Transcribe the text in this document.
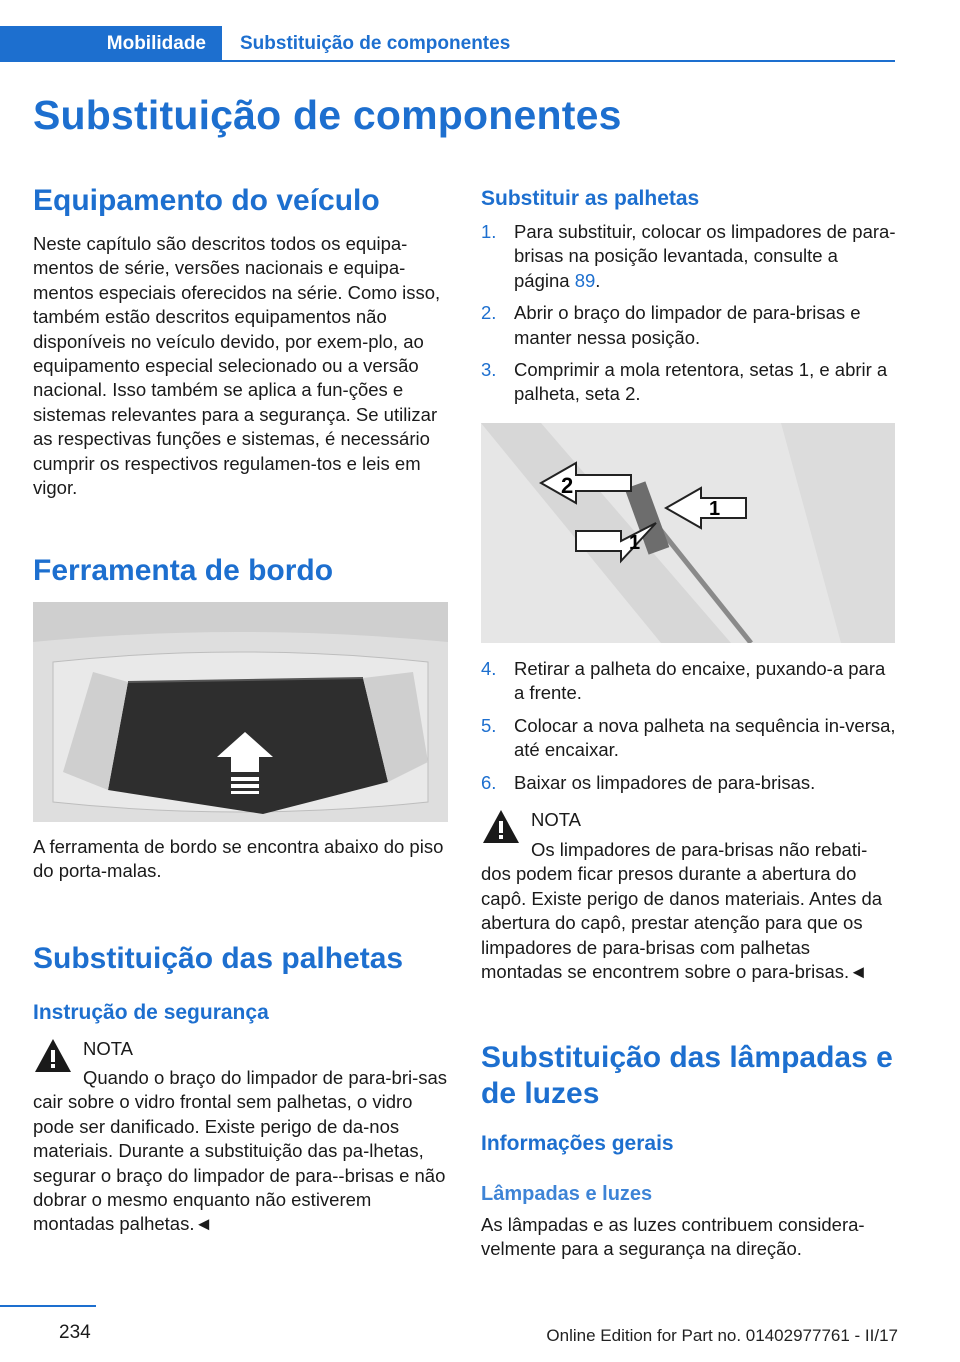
Mobilidade	Substituição de componentes
Substituição de componentes
Equipamento do veículo

Neste capítulo são descritos todos os equipa-mentos de série, versões nacionais e equipa-mentos especiais oferecidos na série. Como isso, também estão descritos equipamentos não disponíveis no veículo devido, por exem-plo, ao equipamento especial selecionado ou a versão nacional. Isso também se aplica a fun-ções e sistemas relevantes para a segurança. Se utilizar as respectivas funções e sistemas, é necessário cumprir os respectivos regulamen-tos e leis em vigor.

Ferramenta de bordo

A ferramenta de bordo se encontra abaixo do piso do porta-malas.

Substituição das palhetas
Instrução de segurança
NOTA

Quando o braço do limpador de para-bri-sas cair sobre o vidro frontal sem palhetas, o vidro pode ser danificado. Existe perigo de da-nos materiais. Durante a substituição das pa-lhetas, segurar o braço do limpador de para--brisas e não dobrar o mesmo enquanto não estiverem montadas palhetas.◄

Substituir as palhetas
1. Para substituir, colocar os limpadores de para-brisas na posição levantada, consulte a página 89.
2. Abrir o braço do limpador de para-brisas e manter nessa posição.
3. Comprimir a mola retentora, setas 1, e abrir a palheta, seta 2.
2
1
1
4. Retirar a palheta do encaixe, puxando-a para a frente.
5. Colocar a nova palheta na sequência in-versa, até encaixar.
6. Baixar os limpadores de para-brisas.
NOTA

Os limpadores de para-brisas não rebati-dos podem ficar presos durante a abertura do capô. Existe perigo de danos materiais. Antes da abertura do capô, prestar atenção para que os limpadores de para-brisas com palhetas montadas se encontrem sobre o para-brisas.◄

Substituição das lâmpadas e de luzes
Informações gerais
Lâmpadas e luzes

As lâmpadas e as luzes contribuem considera-velmente para a segurança na direção.

234	Online Edition for Part no. 01402977761 - II/17
